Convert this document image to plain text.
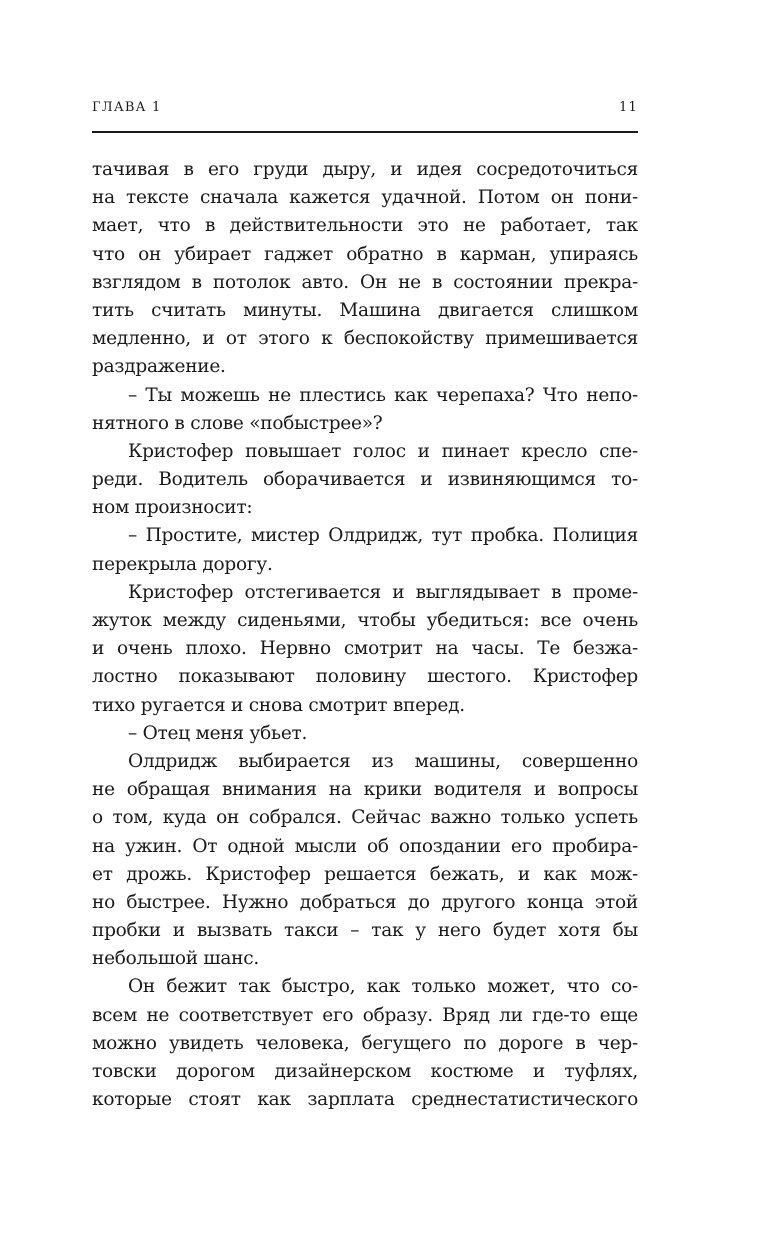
ГЛАВА 1	11
тачивая в его груди дыру, и идея сосредоточиться
на тексте сначала кажется удачной. Потом он пони-
мает, что в действительности это не работает, так
что он убирает гаджет обратно в карман, упираясь
взглядом в потолок авто. Он не в состоянии прекра-
тить считать минуты. Машина двигается слишком
медленно, и от этого к беспокойству примешивается
раздражение.
– Ты можешь не плестись как черепаха? Что непо-
нятного в слове «побыстрее»?
Кристофер повышает голос и пинает кресло спе-
реди. Водитель оборачивается и извиняющимся то-
ном произносит:
– Простите, мистер Олдридж, тут пробка. Полиция
перекрыла дорогу.
Кристофер отстегивается и выглядывает в проме-
жуток между сиденьями, чтобы убедиться: все очень
и очень плохо. Нервно смотрит на часы. Те безжа-
лостно показывают половину шестого. Кристофер
тихо ругается и снова смотрит вперед.
– Отец меня убьет.
Олдридж выбирается из машины, совершенно
не обращая внимания на крики водителя и вопросы
о том, куда он собрался. Сейчас важно только успеть
на ужин. От одной мысли об опоздании его пробира-
ет дрожь. Кристофер решается бежать, и как мож-
но быстрее. Нужно добраться до другого конца этой
пробки и вызвать такси – так у него будет хотя бы
небольшой шанс.
Он бежит так быстро, как только может, что со-
всем не соответствует его образу. Вряд ли где-то еще
можно увидеть человека, бегущего по дороге в чер-
товски дорогом дизайнерском костюме и туфлях,
которые стоят как зарплата среднестатистического
